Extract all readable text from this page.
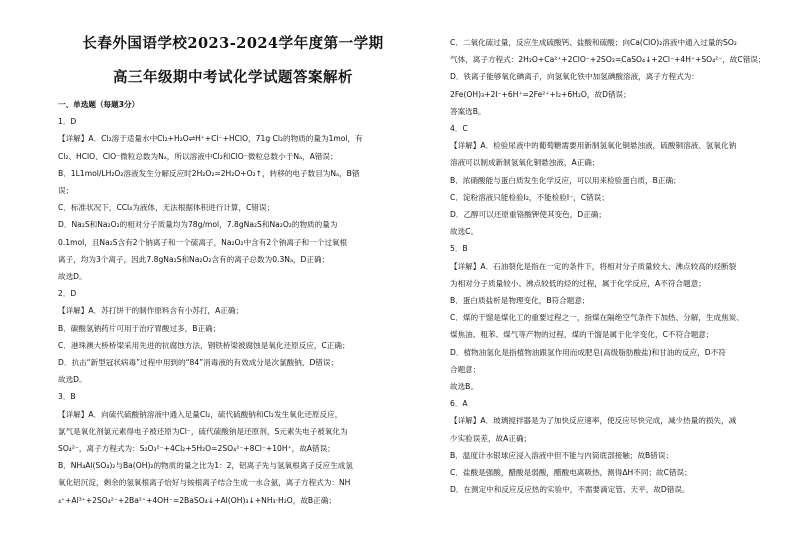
长春外国语学校2023-2024学年度第一学期
高三年级期中考试化学试题答案解析
一、单选题（每题3分）
1．D
【详解】A．Cl₂溶于适量水中Cl₂+H₂O⇌H⁺+Cl⁻+HClO，71g Cl₂的物质的量为1mol，有
Cl₂、HClO、ClO⁻微粒总数为Nₐ，所以溶液中Cl₂和ClO⁻微粒总数小于Nₐ，A错误；
B．1L1mol/LH₂O₂溶液发生分解反应时2H₂O₂=2H₂O+O₂↑，转移的电子数目为Nₐ，B错
误；
C．标准状况下，CCl₄为液体，无法根据体积进行计算，C错误；
D．Na₂S和Na₂O₂的相对分子质量均为78g/mol，7.8gNa₂S和Na₂O₂的物质的量为
0.1mol，且Na₂S含有2个钠离子和一个硫离子，Na₂O₂中含有2个钠离子和一个过氧根
离子，均为3个离子，因此7.8gNa₂S和Na₂O₂含有的离子总数为0.3Nₐ，D正确；
故选D。
2．D
【详解】A．苏打饼干的制作原料含有小苏打，A正确；
B．碳酸氢钠药片可用于治疗胃酸过多，B正确；
C．港珠澳大桥桥梁采用先进的抗腐蚀方法，钢铁桥梁被腐蚀是氧化还原反应，C正确；
D．抗击“新型冠状病毒”过程中用到的“84”消毒液的有效成分是次氯酸钠，D错误；
故选D。
3．B
【详解】A．向硫代硫酸钠溶液中通入足量Cl₂，硫代硫酸钠和Cl₂发生氧化还原反应，
氯气是氧化剂氯元素得电子被还原为Cl⁻，硫代硫酸钠是还原剂，S元素失电子被氧化为
SO₄²⁻，离子方程式为：S₂O₃²⁻+4Cl₂+5H₂O=2SO₄²⁻+8Cl⁻+10H⁺，故A错误；
B．NH₄Al(SO₄)₂与Ba(OH)₂的物质的量之比为1：2，铝离子先与氢氧根离子反应生成氢
氧化铝沉淀，剩余的氢氧根离子恰好与铵根离子结合生成一水合氨，离子方程式为：NH
₄⁺+Al³⁺+2SO₄²⁻+2Ba²⁺+4OH⁻=2BaSO₄↓+Al(OH)₃↓+NH₃·H₂O，故B正确；
C．二氧化硫过量，反应生成硫酸钙、盐酸和硫酸；向Ca(ClO)₂溶液中通入过量的SO₂
气体，离子方程式：2H₂O+Ca²⁺+2ClO⁻+2SO₂=CaSO₄↓+2Cl⁻+4H⁺+SO₄²⁻，故C错误；
D．铁离子能够氧化碘离子，向氢氧化铁中加氢碘酸溶液，离子方程式为：
2Fe(OH)₃+2I⁻+6H⁺=2Fe²⁺+I₂+6H₂O，故D错误；
答案选B。
4．C
【详解】A．检验尿液中的葡萄糖需要用新制氢氧化铜悬浊液，硫酸铜溶液、氢氧化钠
溶液可以制成新制氢氧化铜悬浊液，A正确；
B．浓硝酸能与蛋白质发生化学反应，可以用来检验蛋白质，B正确；
C．淀粉溶液只能检验I₂，不能检验I⁻，C错误；
D．乙醇可以还原重铬酸钾使其变色，D正确；
故选C。
5．B
【详解】A．石油裂化是指在一定的条件下，将相对分子质量较大、沸点较高的烃断裂
为相对分子质量较小、沸点较低的烃的过程，属于化学反应，A不符合题意；
B．蛋白质盐析是物理变化，B符合题意；
C．煤的干馏是煤化工的重要过程之一，指煤在隔绝空气条件下加热、分解，生成焦炭、
煤焦油、粗苯、煤气等产物的过程，煤的干馏是属于化学变化，C不符合题意；
D．植物油氢化是指植物油跟氢作用而成肥皂(高级脂肪酸盐)和甘油的反应，D不符
合题意；
故选B。
6．A
【详解】A．玻璃搅拌器是为了加快反应速率，使反应尽快完成，减少热量的损失，减
少实验误差，故A正确；
B．温度计水银球应浸入溶液中但不能与内筒底部接触；故B错误；
C．盐酸是强酸，醋酸是弱酸，醋酸电离吸热，测得ΔH不同；故C错误；
D．在测定中和反应反应热的实验中，不需要滴定管、天平，故D错误。
